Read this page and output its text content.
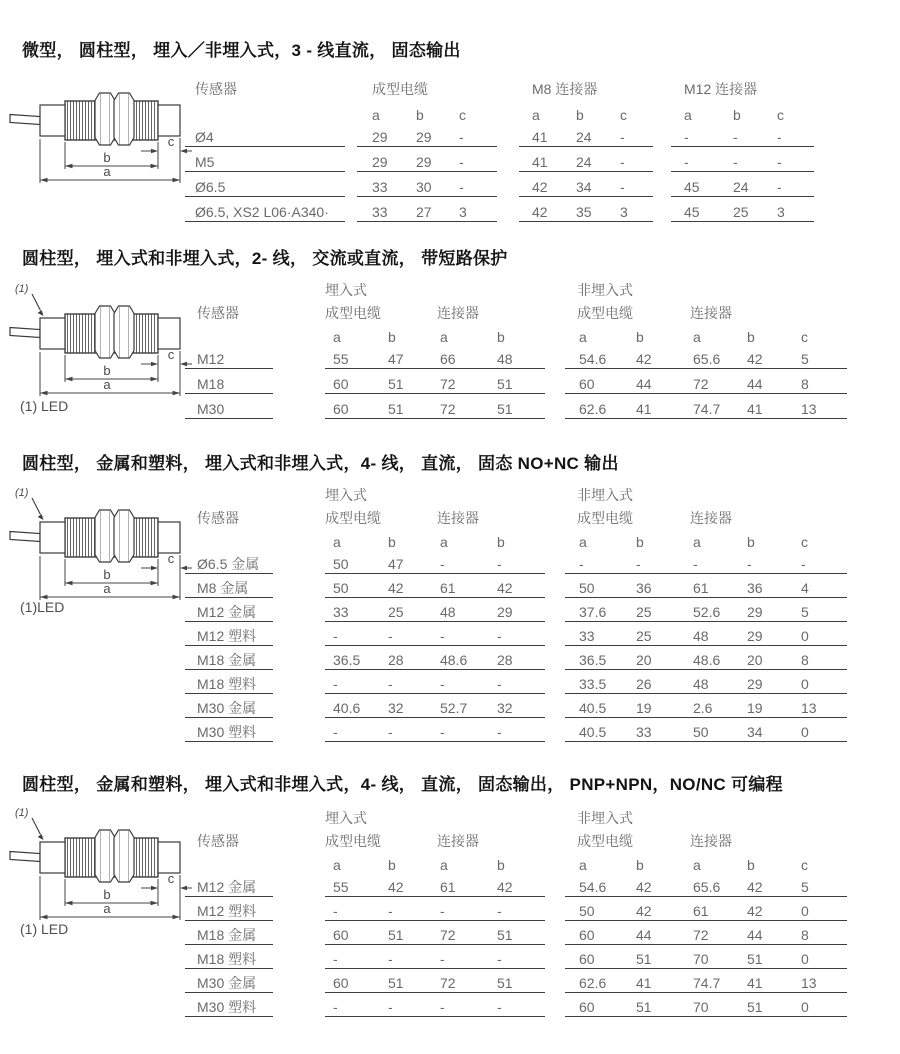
微型， 圆柱型， 埋入／非埋入式，3 - 线直流， 固态输出
b
a
c
传感器	成型电缆	M8 连接器	M12 连接器
a	b	c	a	b	c	a	b	c
Ø4	29 29 -	41 24 -	-	-	-
M5	29 29 -	41 24 -	-	-	-
Ø6.5	33 30 -	42 34 -	45 24 -
Ø6.5, XS2 L06·A340·	33 27 3	42 35 3	45 25 3
圆柱型， 埋入式和非埋入式，2- 线， 交流或直流， 带短路保护
(1)
b
a
c
(1) LED
埋入式	非埋入式
传感器	成型电缆	连接器	成型电缆	连接器
a	b	a	b	a	b	a	b	c
M12	55	47	66	48	54.6 42	65.6 42	5
M18	60	51	72	51	60	44	72	44	8
M30	60	51	72	51	62.6 41	74.7 41	13
圆柱型， 金属和塑料， 埋入式和非埋入式，4- 线， 直流， 固态 NO+NC 输出
(1)
b
a
c
(1)LED
埋入式	非埋入式
传感器	成型电缆	连接器	成型电缆	连接器
a	b	a	b	a	b	a	b	c
Ø6.5 金属	50	47	-	-	-	-	-	-	-
M8 金属	50	42	61	42	50	36	61	36	4
M12 金属	33	25	48	29	37.6 25	52.6 29	5
M12 塑料	-	-	-	-	33	25	48	29	0
M18 金属	36.5 28	48.6 28	36.5 20	48.6 20	8
M18 塑料	-	-	-	-	33.5 26	48	29	0
M30 金属	40.6 32	52.7 32	40.5 19	2.6 19	13
M30 塑料	-	-	-	-	40.5 33	50	34	0
圆柱型， 金属和塑料， 埋入式和非埋入式，4- 线， 直流， 固态输出， PNP+NPN，NO/NC 可编程
(1)
b
a
c
(1) LED
埋入式	非埋入式
传感器	成型电缆	连接器	成型电缆	连接器
a	b	a	b	a	b	a	b	c
M12 金属	55	42	61	42	54.6 42	65.6 42	5
M12 塑料	-	-	-	-	50	42	61	42	0
M18 金属	60	51	72	51	60	44	72	44	8
M18 塑料	-	-	-	-	60	51	70	51	0
M30 金属	60	51	72	51	62.6 41	74.7 41	13
M30 塑料	-	-	-	-	60	51	70	51	0
